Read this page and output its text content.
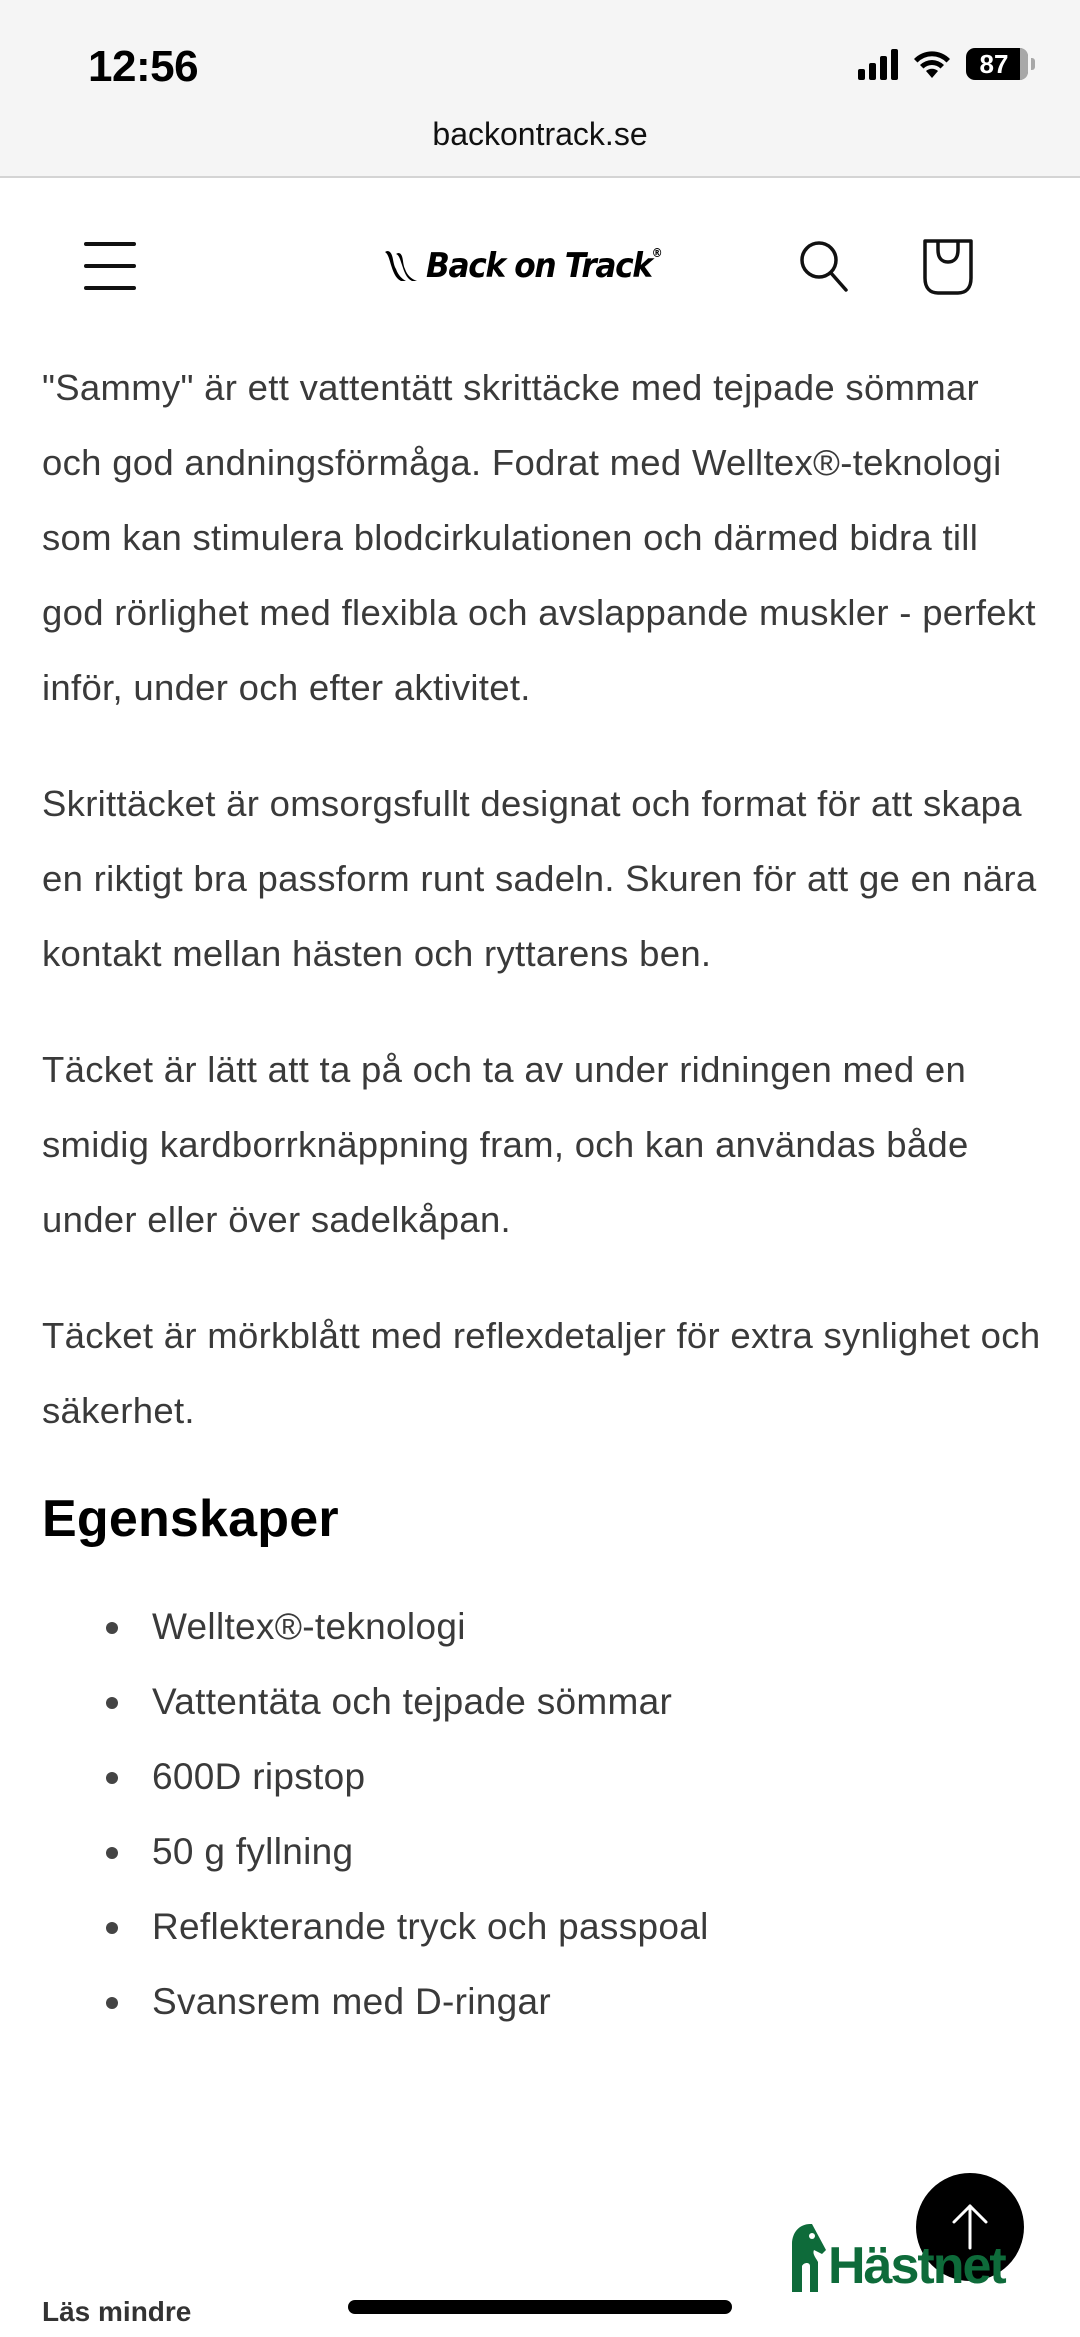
12:56	87
backontrack.se
Back on Track®

"Sammy" är ett vattentätt skrittäcke med tejpade sömmar och god andningsförmåga. Fodrat med Welltex®-teknologi som kan stimulera blodcirkulationen och därmed bidra till god rörlighet med flexibla och avslappande muskler - perfekt inför, under och efter aktivitet.

Skrittäcket är omsorgsfullt designat och format för att skapa en riktigt bra passform runt sadeln. Skuren för att ge en nära kontakt mellan hästen och ryttarens ben.

Täcket är lätt att ta på och ta av under ridningen med en smidig kardborrknäppning fram, och kan användas både under eller över sadelkåpan.

Täcket är mörkblått med reflexdetaljer för extra synlighet och säkerhet.

Egenskaper
Welltex®-teknologi
Vattentäta och tejpade sömmar
600D ripstop
50 g fyllning
Reflekterande tryck och passpoal
Svansrem med D-ringar
Läs mindre
Hästnet
